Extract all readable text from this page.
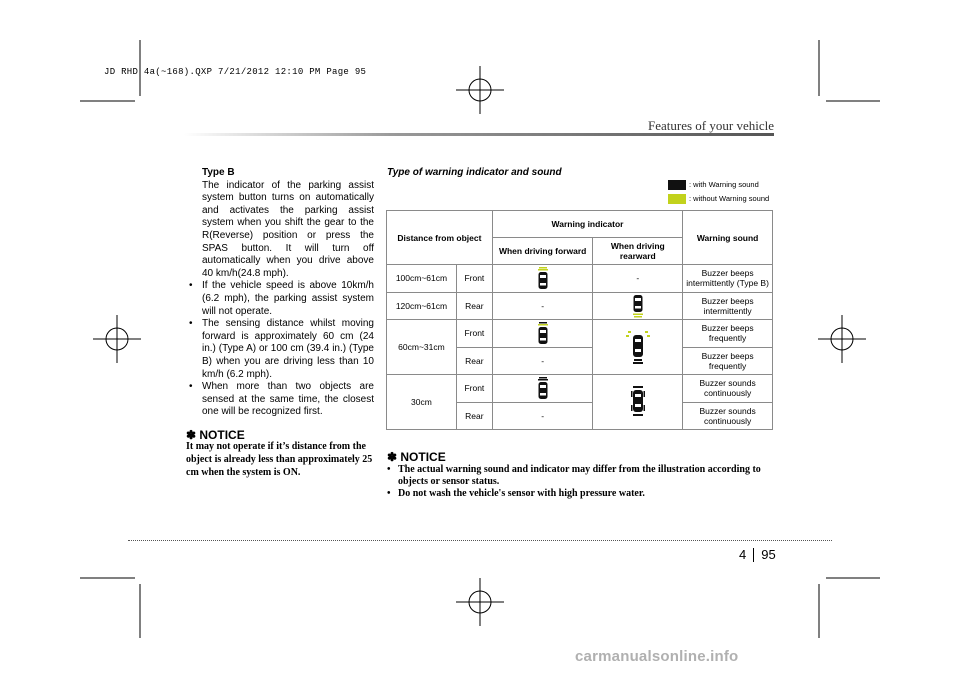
JD RHD 4a(~168).QXP 7/21/2012 12:10 PM Page 95
Features of your vehicle
Type B
The indicator of the parking assist system button turns on automatically and activates the parking assist system when you shift the gear to the R(Reverse) position or press the SPAS button. It will turn off automatically when you drive above 40 km/h(24.8 mph).
• If the vehicle speed is above 10km/h (6.2 mph), the parking assist system will not operate.
• The sensing distance whilst moving forward is approximately 60 cm (24 in.) (Type A) or 100 cm (39.4 in.) (Type B) when you are driving less than 10 km/h (6.2 mph).
• When more than two objects are sensed at the same time, the closest one will be recognized first.
✽ NOTICE
It may not operate if it’s distance from the object is already less than approximately 25 cm when the system is ON.
Type of warning indicator and sound
: with Warning sound
: without Warning sound
Distance from object		Warning indicator		Warning sound
		When driving forward	When driving rearward	
100cm~61cm	Front		-	Buzzer beeps intermittently (Type B)
120cm~61cm	Rear	-		Buzzer beeps intermittently
60cm~31cm	Front			Buzzer beeps frequently
	Rear	-		Buzzer beeps frequently
30cm	Front			Buzzer sounds continuously
	Rear	-		Buzzer sounds continuously
✽ NOTICE
• The actual warning sound and indicator may differ from the illustration according to objects or sensor status.
• Do not wash the vehicle's sensor with high pressure water.
4 95
carmanualsonline.info
